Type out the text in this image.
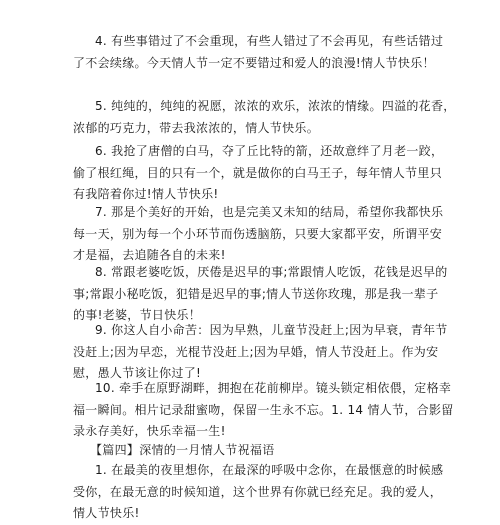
4. 有些事错过了不会重现，有些人错过了不会再见，有些话错过
了不会续缘。今天情人节一定不要错过和爱人的浪漫!情人节快乐！
5. 纯纯的，纯纯的祝愿，浓浓的欢乐，浓浓的情缘。四溢的花香，
浓郁的巧克力，带去我浓浓的，情人节快乐。
6. 我抢了唐僧的白马，夺了丘比特的箭，还故意绊了月老一跤，
偷了根红绳，目的只有一个，就是做你的白马王子，每年情人节里只
有我陪着你过!情人节快乐!
7. 那是个美好的开始，也是完美又未知的结局，希望你我都快乐
每一天，别为每一个小环节而伤透脑筋，只要大家都平安，所谓平安
才是福，去追随各自的未来!
8. 常跟老婆吃饭，厌倦是迟早的事;常跟情人吃饭，花钱是迟早的
事;常跟小秘吃饭，犯错是迟早的事;情人节送你玫瑰，那是我一辈子
的事!老婆，节日快乐！
9. 你这人自小命苦：因为早熟，儿童节没赶上;因为早衰，青年节
没赶上;因为早恋，光棍节没赶上;因为早婚，情人节没赶上。作为安
慰，愚人节该让你过了!
10. 牵手在原野湖畔，拥抱在花前柳岸。镜头锁定相依偎，定格幸
福一瞬间。相片记录甜蜜吻，保留一生永不忘。1. 14 情人节，合影留
录永存美好，快乐幸福一生!
【篇四】深情的一月情人节祝福语
1. 在最美的夜里想你，在最深的呼吸中念你，在最惬意的时候感
受你，在最无意的时候知道，这个世界有你就已经充足。我的爱人，
情人节快乐!
